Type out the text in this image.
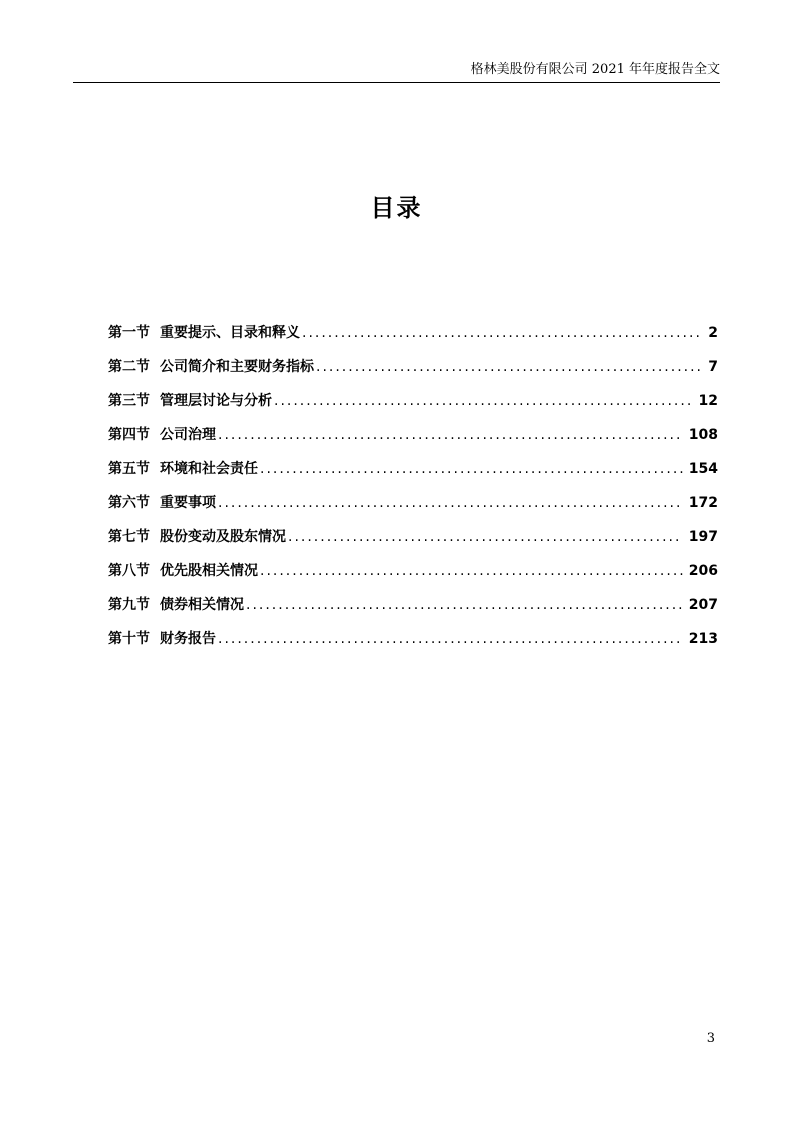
格林美股份有限公司 2021 年年度报告全文
目录
第一节 重要提示、目录和释义 .....	2
第二节 公司简介和主要财务指标 .....	7
第三节 管理层讨论与分析 .....	12
第四节 公司治理 .....	108
第五节 环境和社会责任 .....	154
第六节 重要事项 .....	172
第七节 股份变动及股东情况 .....	197
第八节 优先股相关情况 .....	206
第九节 债券相关情况 .....	207
第十节 财务报告 .....	213
3
